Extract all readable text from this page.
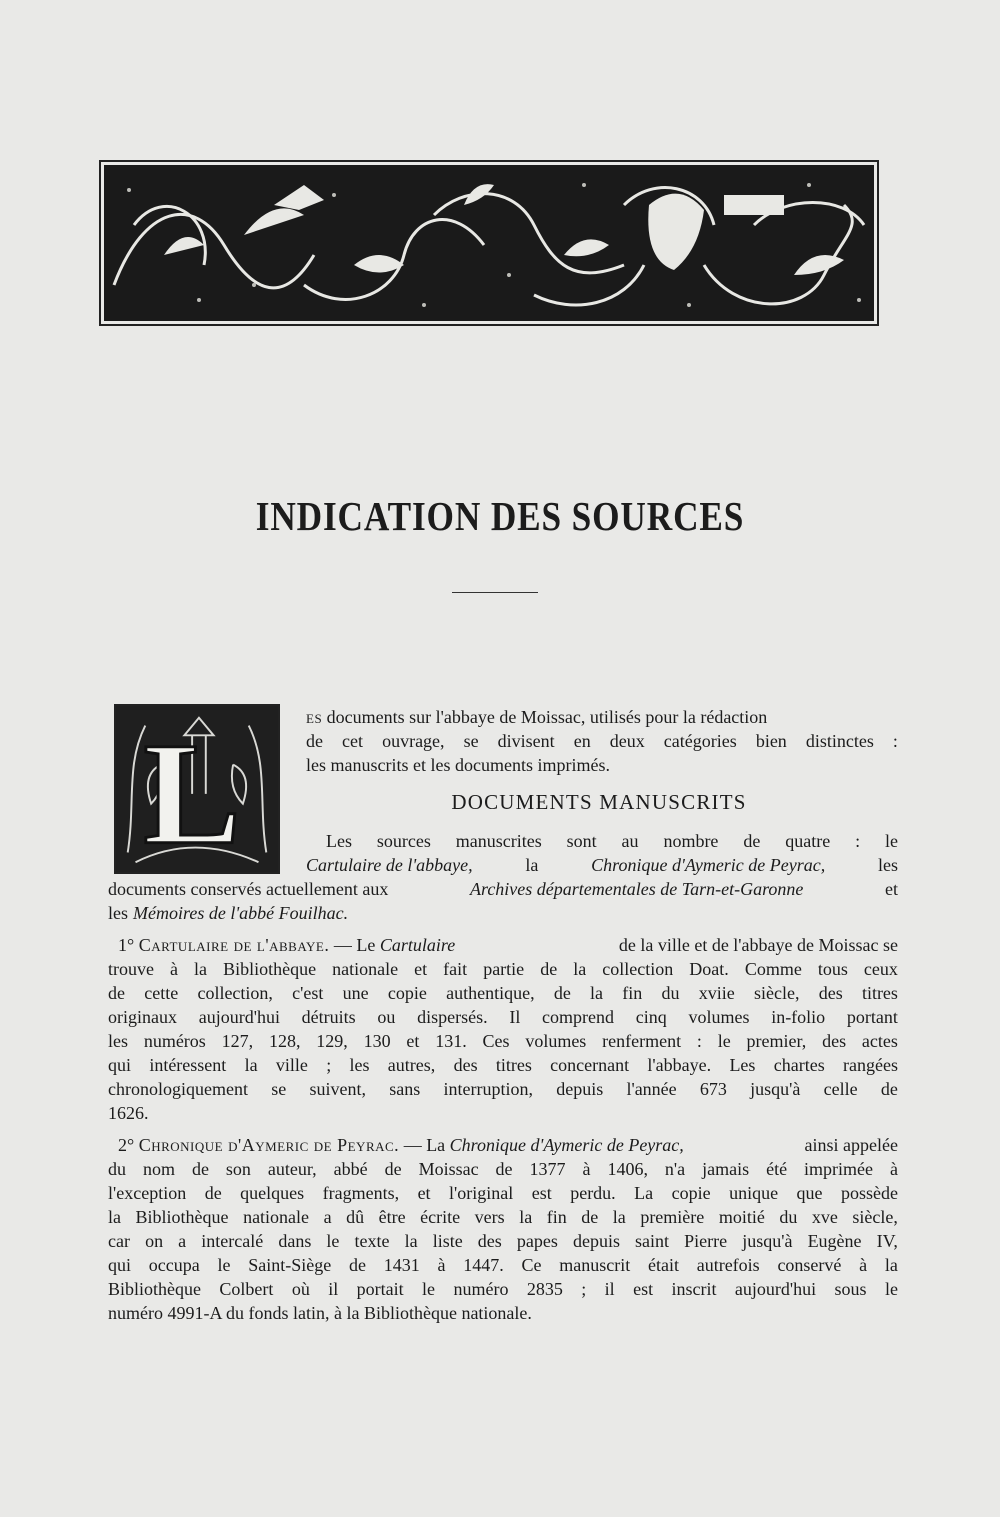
INDICATION DES SOURCES
L	es documents sur l'abbaye de Moissac, utilisés pour la rédaction
de cet ouvrage, se divisent en deux catégories bien distinctes :
les manuscrits et les documents imprimés.
DOCUMENTS MANUSCRITS
Les sources manuscrites sont au nombre de quatre : le
Cartulaire de l'abbaye,	la	Chronique d'Aymeric de Peyrac,	les
documents conservés actuellement aux	Archives départementales de Tarn-et-Garonne	et
les Mémoires de l'abbé Fouilhac.
1° Cartulaire de l'abbaye. — Le Cartulaire	de la ville et de l'abbaye de Moissac se
trouve à la Bibliothèque nationale et fait partie de la collection Doat. Comme tous ceux
de cette collection, c'est une copie authentique, de la fin du xviie siècle, des titres
originaux aujourd'hui détruits ou dispersés. Il comprend cinq volumes in-folio portant
les numéros 127, 128, 129, 130 et 131. Ces volumes renferment : le premier, des actes
qui intéressent la ville ; les autres, des titres concernant l'abbaye. Les chartes rangées
chronologiquement se suivent, sans interruption, depuis l'année 673 jusqu'à celle de
1626.
2° Chronique d'Aymeric de Peyrac. — La Chronique d'Aymeric de Peyrac,	ainsi appelée
du nom de son auteur, abbé de Moissac de 1377 à 1406, n'a jamais été imprimée à
l'exception de quelques fragments, et l'original est perdu. La copie unique que possède
la Bibliothèque nationale a dû être écrite vers la fin de la première moitié du xve siècle,
car on a intercalé dans le texte la liste des papes depuis saint Pierre jusqu'à Eugène IV,
qui occupa le Saint-Siège de 1431 à 1447. Ce manuscrit était autrefois conservé à la
Bibliothèque Colbert où il portait le numéro 2835 ; il est inscrit aujourd'hui sous le
numéro 4991-A du fonds latin, à la Bibliothèque nationale.
